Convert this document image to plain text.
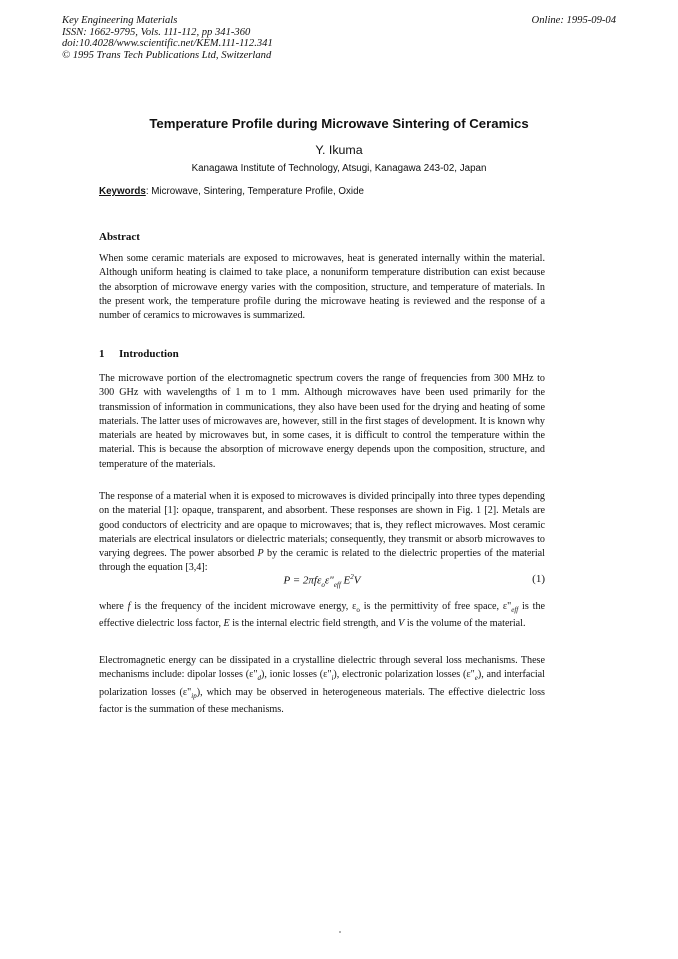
Key Engineering Materials
ISSN: 1662-9795, Vols. 111-112, pp 341-360
doi:10.4028/www.scientific.net/KEM.111-112.341
© 1995 Trans Tech Publications Ltd, Switzerland
Online: 1995-09-04
Temperature Profile during Microwave Sintering of Ceramics
Y. Ikuma
Kanagawa Institute of Technology, Atsugi, Kanagawa 243-02, Japan
Keywords: Microwave, Sintering, Temperature Profile, Oxide
Abstract
When some ceramic materials are exposed to microwaves, heat is generated internally within the material. Although uniform heating is claimed to take place, a nonuniform temperature distribution can exist because the absorption of microwave energy varies with the composition, structure, and temperature of materials. In the present work, the temperature profile during the microwave heating is reviewed and the response of a number of ceramics to microwaves is summarized.
1 Introduction
The microwave portion of the electromagnetic spectrum covers the range of frequencies from 300 MHz to 300 GHz with wavelengths of 1 m to 1 mm. Although microwaves have been used primarily for the transmission of information in communications, they also have been used for the drying and heating of some materials. The latter uses of microwaves are, however, still in the first stages of development. It is known why materials are heated by microwaves but, in some cases, it is difficult to control the temperature within the material. This is because the absorption of microwave energy depends upon the composition, structure, and temperature of the materials.
The response of a material when it is exposed to microwaves is divided principally into three types depending on the material [1]: opaque, transparent, and absorbent. These responses are shown in Fig. 1 [2]. Metals are good conductors of electricity and are opaque to microwaves; that is, they reflect microwaves. Most ceramic materials are electrical insulators or dielectric materials; consequently, they transmit or absorb microwaves to varying degrees. The power absorbed P by the ceramic is related to the dielectric properties of the material through the equation [3,4]:
$P = 2\pi f\varepsilon_o\varepsilon"_{eff}$ $E^2V$	(1)
where f is the frequency of the incident microwave energy, $\varepsilon_o$ is the permittivity of free space, $\varepsilon"_{eff}$ is the effective dielectric loss factor, E is the internal electric field strength, and V is the volume of the material.
Electromagnetic energy can be dissipated in a crystalline dielectric through several loss mechanisms. These mechanisms include: dipolar losses $(\varepsilon"_d)$, ionic losses $(\varepsilon"_i)$, electronic polarization losses $(\varepsilon"_e)$, and interfacial polarization losses $(\varepsilon"_{ip})$, which may be observed in heterogeneous materials. The effective dielectric loss factor is the summation of these mechanisms.
